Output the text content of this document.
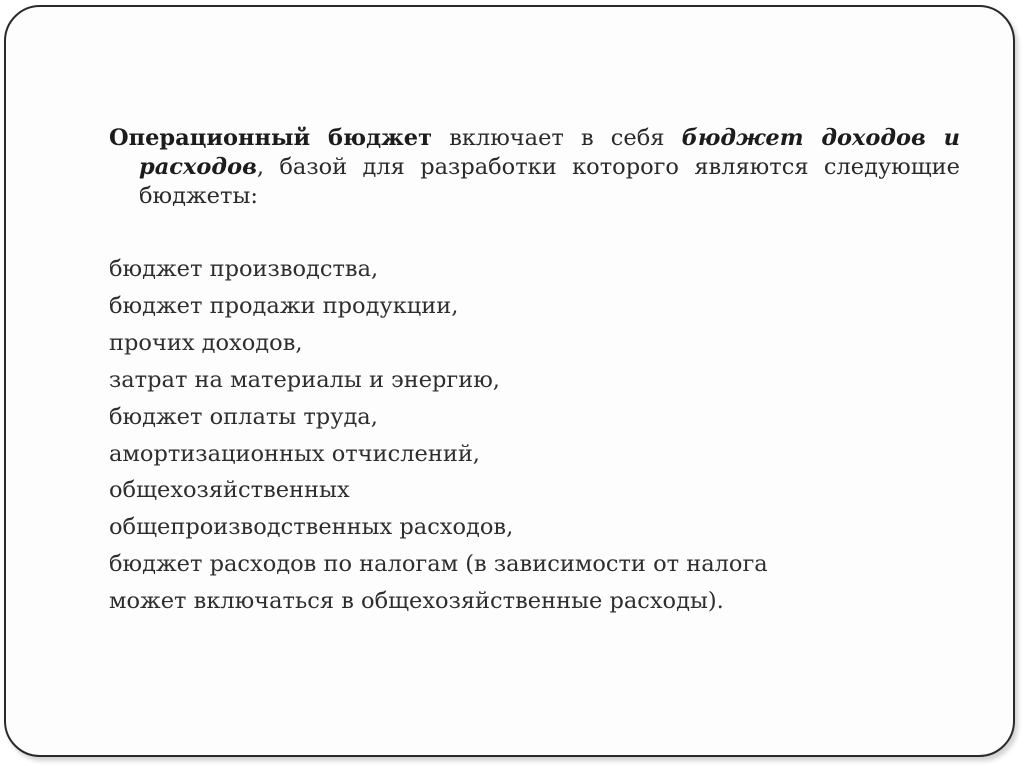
Операционный бюджет включает в себя бюджет доходов и расходов, базой для разработки которого являются следующие бюджеты:

бюджет производства,
бюджет продажи продукции,
прочих доходов,
затрат на материалы и энергию,
бюджет оплаты труда,
амортизационных отчислений,
общехозяйственных
общепроизводственных расходов,
бюджет расходов по налогам (в зависимости от налога
может включаться в общехозяйственные расходы).
